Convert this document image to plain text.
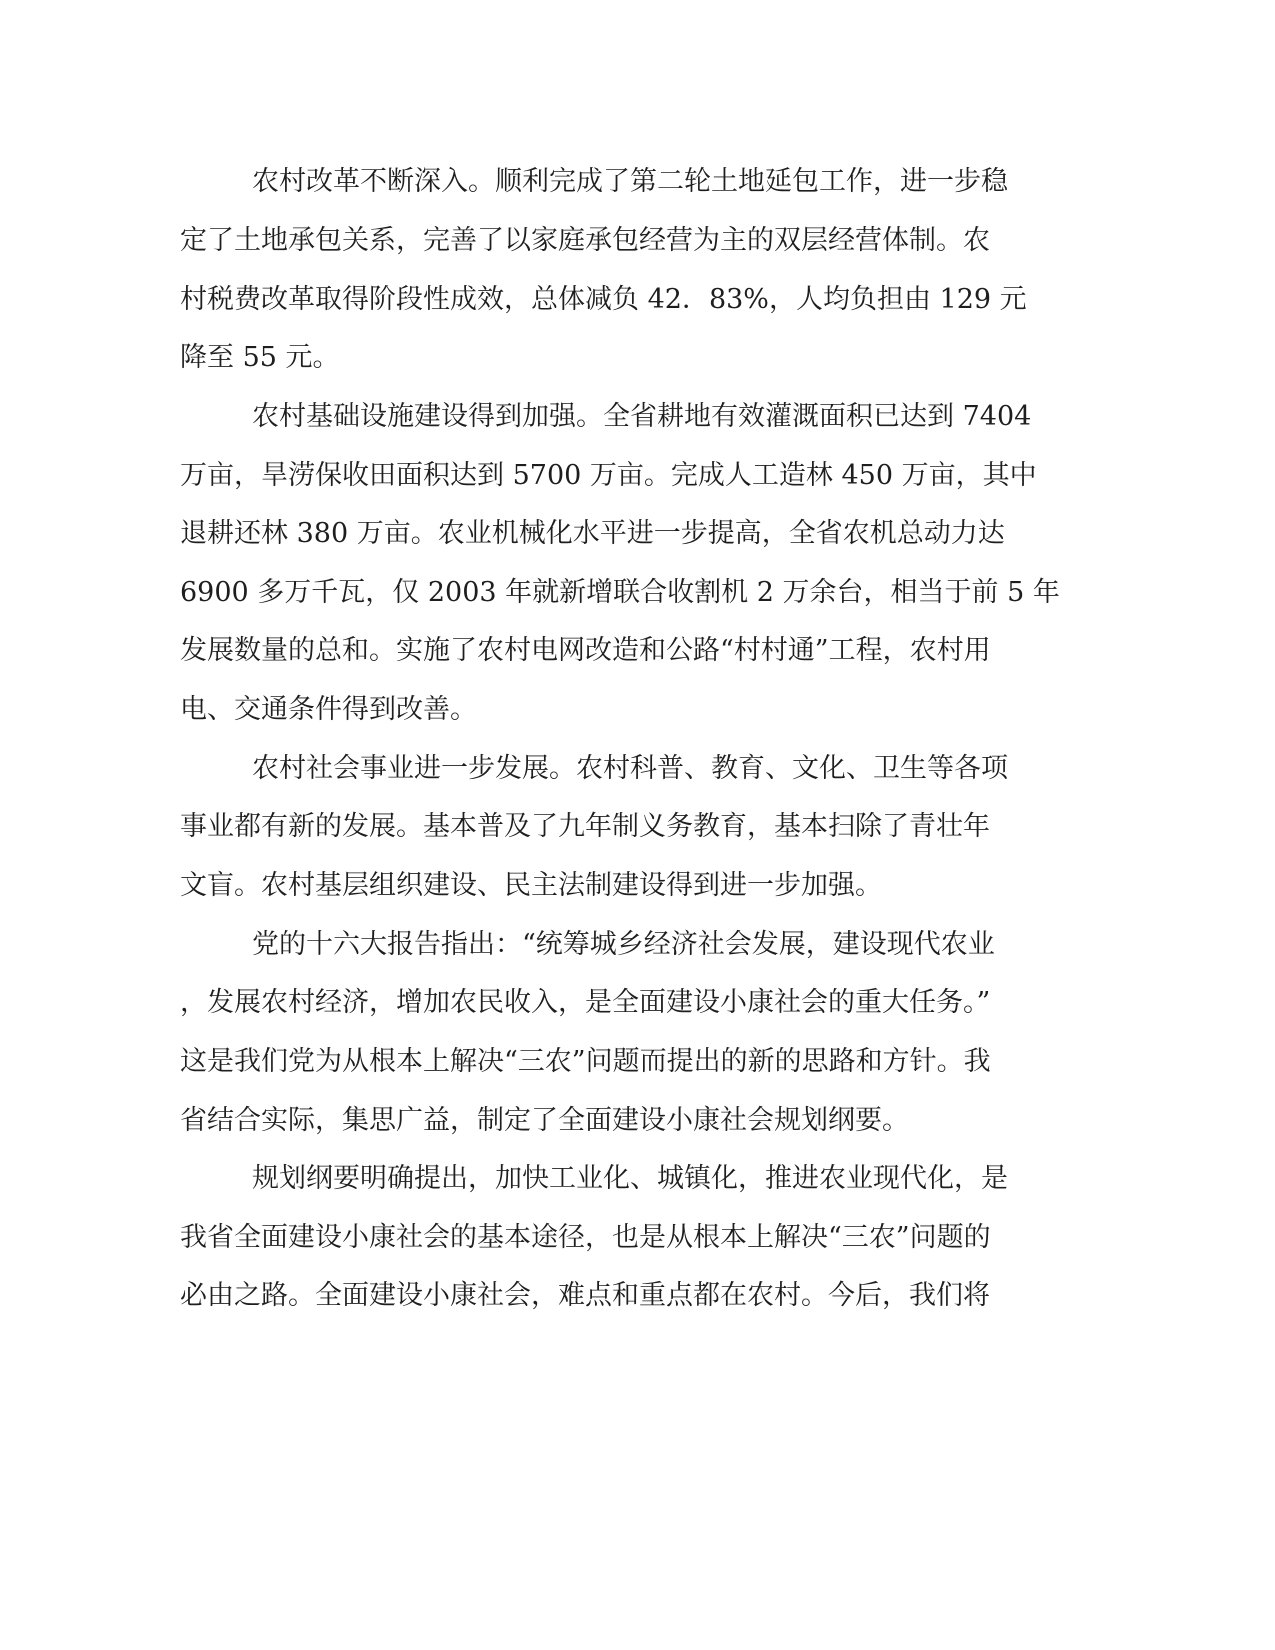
农村改革不断深入。顺利完成了第二轮土地延包工作，进一步稳
定了土地承包关系，完善了以家庭承包经营为主的双层经营体制。农
村税费改革取得阶段性成效，总体减负 42．83%，人均负担由 129 元
降至 55 元。
农村基础设施建设得到加强。全省耕地有效灌溉面积已达到 7404
万亩，旱涝保收田面积达到 5700 万亩。完成人工造林 450 万亩，其中
退耕还林 380 万亩。农业机械化水平进一步提高，全省农机总动力达
6900 多万千瓦，仅 2003 年就新增联合收割机 2 万余台，相当于前 5 年
发展数量的总和。实施了农村电网改造和公路“村村通”工程，农村用
电、交通条件得到改善。
农村社会事业进一步发展。农村科普、教育、文化、卫生等各项
事业都有新的发展。基本普及了九年制义务教育，基本扫除了青壮年
文盲。农村基层组织建设、民主法制建设得到进一步加强。
党的十六大报告指出：“统筹城乡经济社会发展，建设现代农业
，发展农村经济，增加农民收入，是全面建设小康社会的重大任务。”
这是我们党为从根本上解决“三农”问题而提出的新的思路和方针。我
省结合实际，集思广益，制定了全面建设小康社会规划纲要。
规划纲要明确提出，加快工业化、城镇化，推进农业现代化，是
我省全面建设小康社会的基本途径，也是从根本上解决“三农”问题的
必由之路。全面建设小康社会，难点和重点都在农村。今后，我们将
